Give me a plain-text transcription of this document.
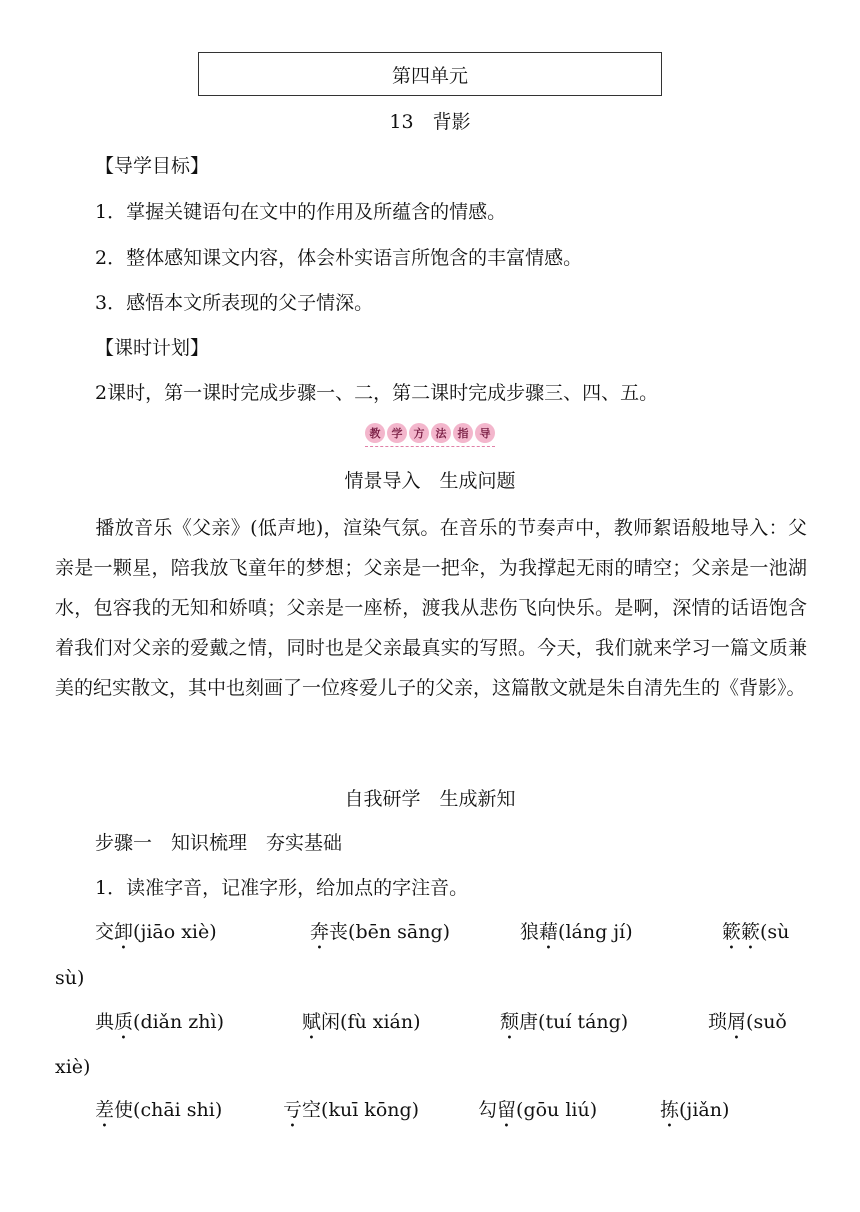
第四单元
13　背影
【导学目标】
1．掌握关键语句在文中的作用及所蕴含的情感。
2．整体感知课文内容，体会朴实语言所饱含的丰富情感。
3．感悟本文所表现的父子情深。
【课时计划】
2课时，第一课时完成步骤一、二，第二课时完成步骤三、四、五。
教	学	方	法	指	导
情景导入　生成问题
播放音乐《父亲》(低声地)，渲染气氛。在音乐的节奏声中，教师絮语般地导入：父亲是一颗星，陪我放飞童年的梦想；父亲是一把伞，为我撑起无雨的晴空；父亲是一池湖水，包容我的无知和娇嗔；父亲是一座桥，渡我从悲伤飞向快乐。是啊，深情的话语饱含着我们对父亲的爱戴之情，同时也是父亲最真实的写照。今天，我们就来学习一篇文质兼美的纪实散文，其中也刻画了一位疼爱儿子的父亲，这篇散文就是朱自清先生的《背影》。
自我研学　生成新知
步骤一　知识梳理　夯实基础
1．读准字音，记准字形，给加点的字注音。
交卸(jiāo xiè)	奔丧(bēn sāng)	狼藉(láng jí)	簌簌(sù
sù)
典质(diǎn zhì)	赋闲(fù xián)	颓唐(tuí táng)	琐屑(suǒ
xiè)
差使(chāi shi)	亏空(kuī kōng)	勾留(gōu liú)	拣(jiǎn)
